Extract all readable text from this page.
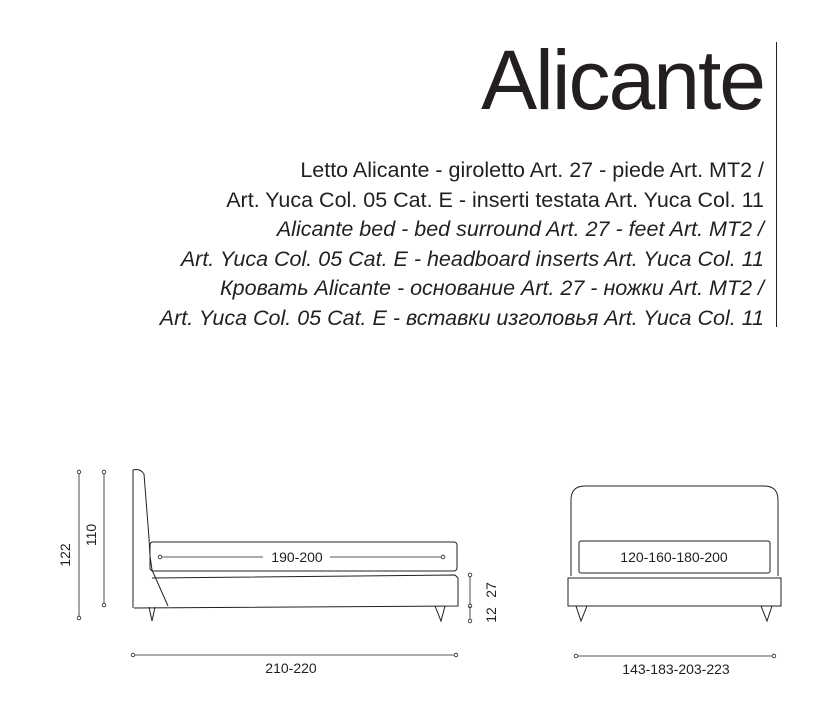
Alicante
Letto Alicante - giroletto Art. 27 - piede Art. MT2 /
Art. Yuca Col. 05 Cat. E - inserti testata Art. Yuca Col. 11
Alicante bed - bed surround Art. 27 - feet Art. MT2 /
Art. Yuca Col. 05 Cat. E - headboard inserts Art. Yuca Col. 11
Кровать Alicante - основание Art. 27 - ножки Art. MT2 /
Art. Yuca Col. 05 Cat. E - вставки изголовья Art. Yuca Col. 11
122
110
190-200
27
12
210-220
120-160-180-200
143-183-203-223
